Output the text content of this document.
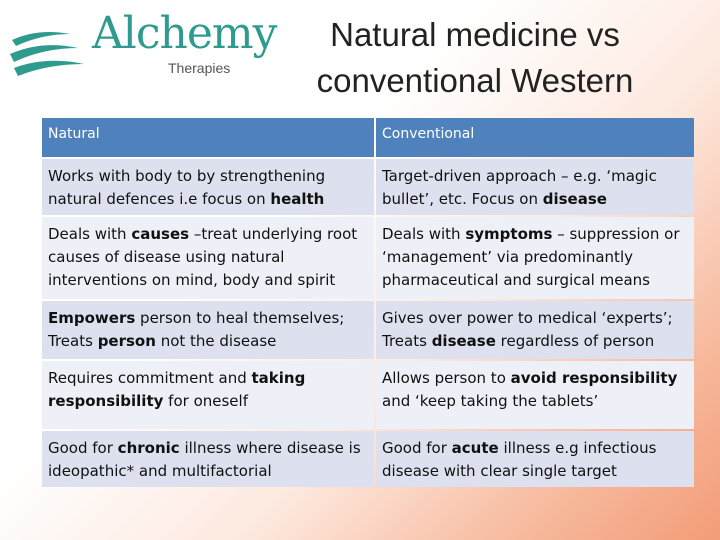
Alchemy
Therapies
Natural medicine vs
conventional Western
Natural	Conventional
Works with body to by strengthening natural defences i.e focus on health	Target-driven approach – e.g. ‘magic bullet’, etc. Focus on disease
Deals with causes –treat underlying root causes of disease using natural interventions on mind, body and spirit	Deals with symptoms – suppression or ‘management’ via predominantly pharmaceutical and surgical means
Empowers person to heal themselves; Treats person not the disease	Gives over power to medical ‘experts’; Treats disease regardless of person
Requires commitment and taking responsibility for oneself	Allows person to avoid responsibility and ‘keep taking the tablets’
Good for chronic illness where disease is ideopathic* and multifactorial	Good for acute illness e.g infectious disease with clear single target
